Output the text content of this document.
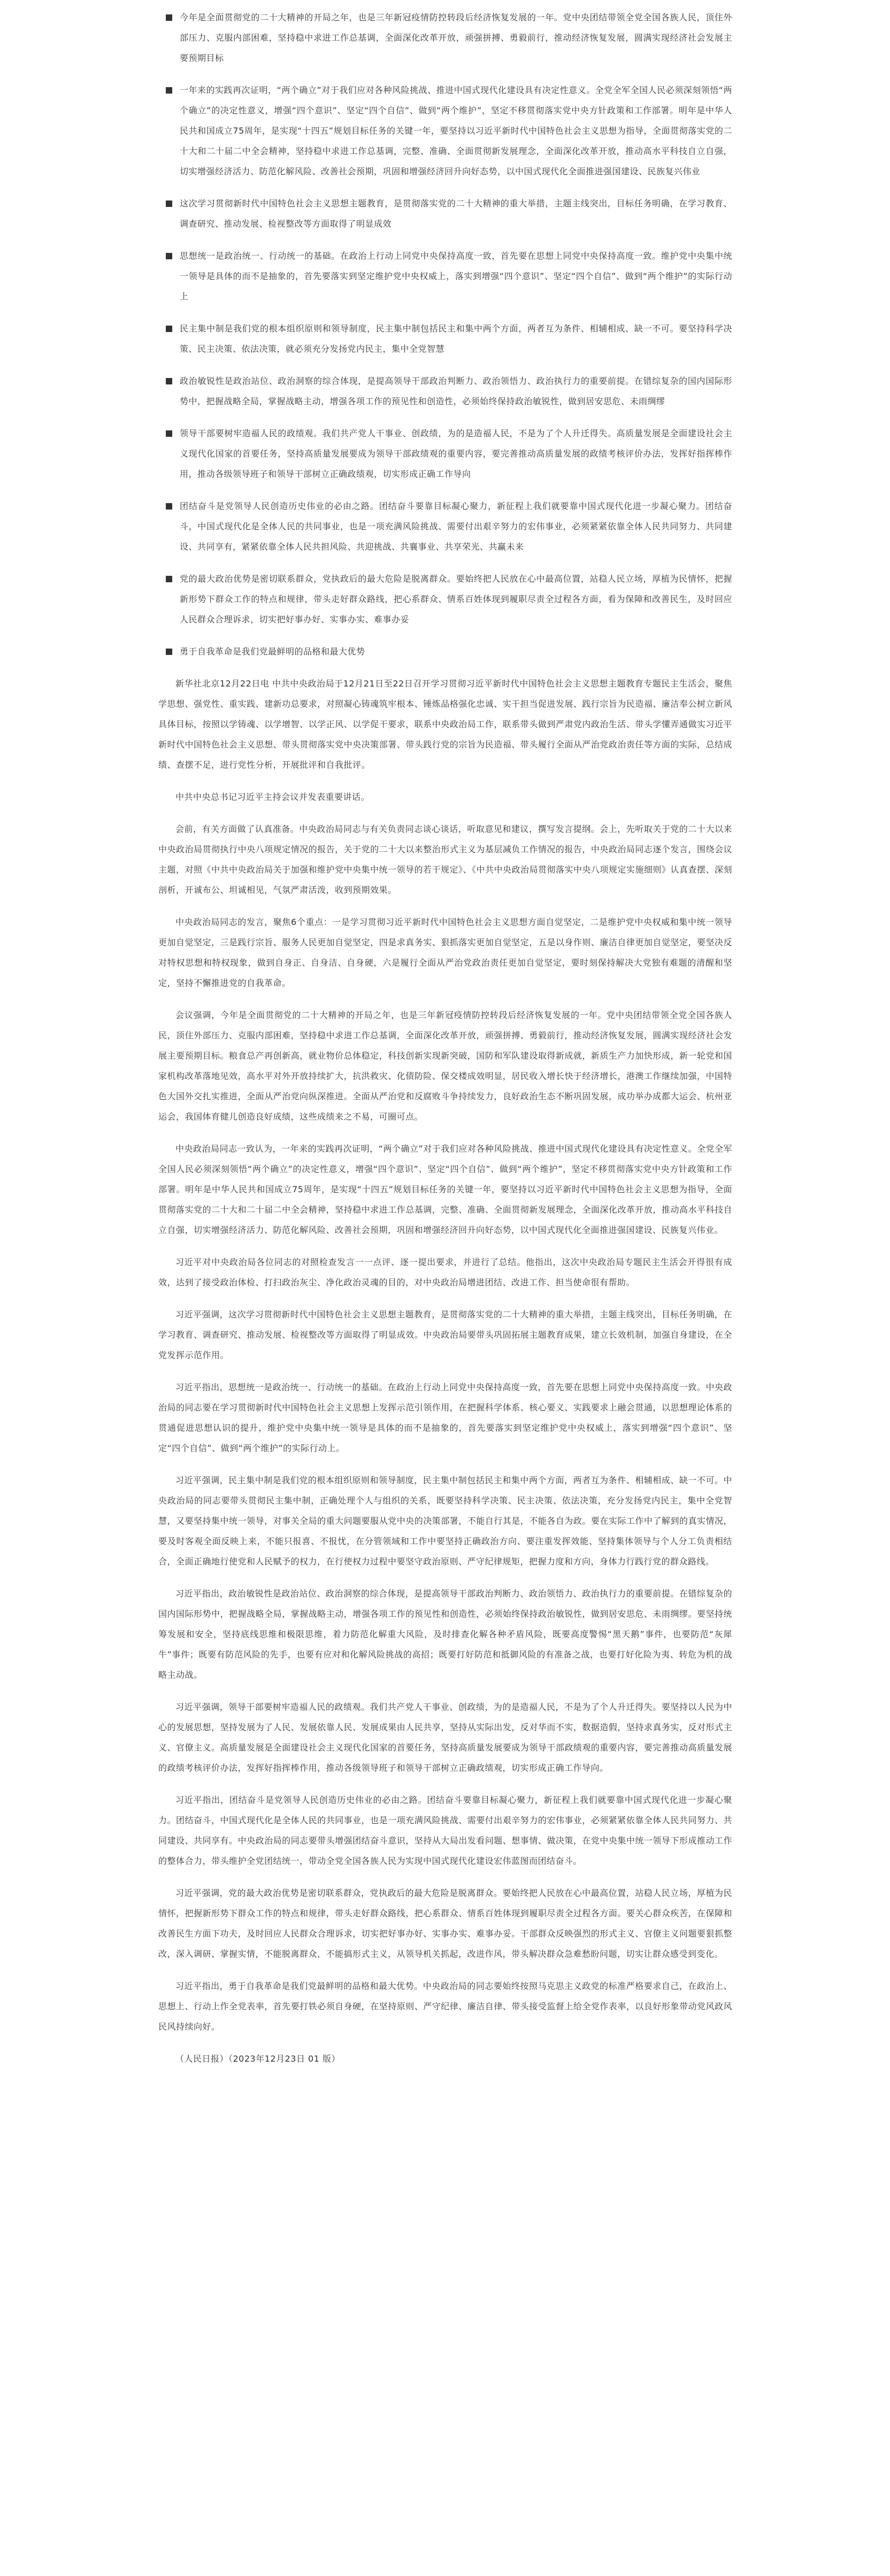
今年是全面贯彻党的二十大精神的开局之年，也是三年新冠疫情防控转段后经济恢复发展的一年。党中央团结带领全党全国各族人民，顶住外部压力、克服内部困难，坚持稳中求进工作总基调，全面深化改革开放，顽强拼搏、勇毅前行，推动经济恢复发展，圆满实现经济社会发展主要预期目标
一年来的实践再次证明，“两个确立”对于我们应对各种风险挑战、推进中国式现代化建设具有决定性意义。全党全军全国人民必须深刻领悟“两个确立”的决定性意义，增强“四个意识”、坚定“四个自信”、做到“两个维护”，坚定不移贯彻落实党中央方针政策和工作部署。明年是中华人民共和国成立75周年，是实现“十四五”规划目标任务的关键一年，要坚持以习近平新时代中国特色社会主义思想为指导，全面贯彻落实党的二十大和二十届二中全会精神，坚持稳中求进工作总基调，完整、准确、全面贯彻新发展理念，全面深化改革开放，推动高水平科技自立自强，切实增强经济活力、防范化解风险、改善社会预期，巩固和增强经济回升向好态势，以中国式现代化全面推进强国建设、民族复兴伟业
这次学习贯彻新时代中国特色社会主义思想主题教育，是贯彻落实党的二十大精神的重大举措，主题主线突出，目标任务明确，在学习教育、调查研究、推动发展、检视整改等方面取得了明显成效
思想统一是政治统一、行动统一的基础。在政治上行动上同党中央保持高度一致，首先要在思想上同党中央保持高度一致。维护党中央集中统一领导是具体的而不是抽象的，首先要落实到坚定维护党中央权威上，落实到增强“四个意识”、坚定“四个自信”、做到“两个维护”的实际行动上
民主集中制是我们党的根本组织原则和领导制度，民主集中制包括民主和集中两个方面，两者互为条件、相辅相成、缺一不可。要坚持科学决策、民主决策、依法决策，就必须充分发扬党内民主，集中全党智慧
政治敏锐性是政治站位、政治洞察的综合体现，是提高领导干部政治判断力、政治领悟力、政治执行力的重要前提。在错综复杂的国内国际形势中，把握战略全局，掌握战略主动，增强各项工作的预见性和创造性，必须始终保持政治敏锐性，做到居安思危、未雨绸缪
领导干部要树牢造福人民的政绩观。我们共产党人干事业、创政绩，为的是造福人民，不是为了个人升迁得失。高质量发展是全面建设社会主义现代化国家的首要任务，坚持高质量发展要成为领导干部政绩观的重要内容，要完善推动高质量发展的政绩考核评价办法，发挥好指挥棒作用，推动各级领导班子和领导干部树立正确政绩观，切实形成正确工作导向
团结奋斗是党领导人民创造历史伟业的必由之路。团结奋斗要靠目标凝心聚力，新征程上我们就要靠中国式现代化进一步凝心聚力。团结奋斗，中国式现代化是全体人民的共同事业，也是一项充满风险挑战、需要付出艰辛努力的宏伟事业，必须紧紧依靠全体人民共同努力、共同建设、共同享有，紧紧依靠全体人民共担风险、共迎挑战、共襄事业、共享荣光、共赢未来
党的最大政治优势是密切联系群众，党执政后的最大危险是脱离群众。要始终把人民放在心中最高位置，站稳人民立场，厚植为民情怀，把握新形势下群众工作的特点和规律，带头走好群众路线，把心系群众、情系百姓体现到履职尽责全过程各方面，看为保障和改善民生，及时回应人民群众合理诉求，切实把好事办好、实事办实、难事办妥
勇于自我革命是我们党最鲜明的品格和最大优势

新华社北京12月22日电 中共中央政治局于12月21日至22日召开学习贯彻习近平新时代中国特色社会主义思想主题教育专题民主生活会，聚焦学思想、强党性、重实践、建新功总要求，对照凝心铸魂筑牢根本、锤炼品格强化忠诚、实干担当促进发展、践行宗旨为民造福、廉洁奉公树立新风具体目标，按照以学铸魂、以学增智、以学正风、以学促干要求，联系中央政治局工作，联系带头做到严肃党内政治生活、带头学懂弄通做实习近平新时代中国特色社会主义思想、带头贯彻落实党中央决策部署、带头践行党的宗旨为民造福、带头履行全面从严治党政治责任等方面的实际，总结成绩、查摆不足，进行党性分析，开展批评和自我批评。

中共中央总书记习近平主持会议并发表重要讲话。

会前，有关方面做了认真准备。中央政治局同志与有关负责同志谈心谈话，听取意见和建议，撰写发言提纲。会上，先听取关于党的二十大以来中央政治局贯彻执行中央八项规定情况的报告，关于党的二十大以来整治形式主义为基层减负工作情况的报告，中央政治局同志逐个发言，围绕会议主题，对照《中共中央政治局关于加强和维护党中央集中统一领导的若干规定》、《中共中央政治局贯彻落实中央八项规定实施细则》认真查摆、深刻剖析，开诚布公、坦诚相见，气氛严肃活泼，收到预期效果。

中央政治局同志的发言，聚焦6个重点：一是学习贯彻习近平新时代中国特色社会主义思想方面自觉坚定，二是维护党中央权威和集中统一领导更加自觉坚定，三是践行宗旨、服务人民更加自觉坚定，四是求真务实、狠抓落实更加自觉坚定，五是以身作则、廉洁自律更加自觉坚定，要坚决反对特权思想和特权现象，做到自身正、自身洁、自身硬，六是履行全面从严治党政治责任更加自觉坚定，要时刻保持解决大党独有难题的清醒和坚定，坚持不懈推进党的自我革命。

会议强调，今年是全面贯彻党的二十大精神的开局之年，也是三年新冠疫情防控转段后经济恢复发展的一年。党中央团结带领全党全国各族人民，顶住外部压力、克服内部困难，坚持稳中求进工作总基调，全面深化改革开放，顽强拼搏、勇毅前行，推动经济恢复发展，圆满实现经济社会发展主要预期目标。粮食总产再创新高，就业物价总体稳定，科技创新实现新突破，国防和军队建设取得新成就，新质生产力加快形成，新一轮党和国家机构改革落地见效，高水平对外开放持续扩大，抗洪救灾、化债防险、保交楼成效明显，居民收入增长快于经济增长，港澳工作继续加强，中国特色大国外交扎实推进，全面从严治党向纵深推进。全面从严治党和反腐败斗争持续发力，良好政治生态不断巩固发展，成功举办成都大运会、杭州亚运会，我国体育健儿创造良好成绩，这些成绩来之不易，可圈可点。

中央政治局同志一致认为，一年来的实践再次证明，“两个确立”对于我们应对各种风险挑战、推进中国式现代化建设具有决定性意义。全党全军全国人民必须深刻领悟“两个确立”的决定性意义，增强“四个意识”、坚定“四个自信”、做到“两个维护”，坚定不移贯彻落实党中央方针政策和工作部署。明年是中华人民共和国成立75周年，是实现“十四五”规划目标任务的关键一年，要坚持以习近平新时代中国特色社会主义思想为指导，全面贯彻落实党的二十大和二十届二中全会精神，坚持稳中求进工作总基调，完整、准确、全面贯彻新发展理念，全面深化改革开放，推动高水平科技自立自强，切实增强经济活力、防范化解风险、改善社会预期，巩固和增强经济回升向好态势，以中国式现代化全面推进强国建设、民族复兴伟业。

习近平对中央政治局各位同志的对照检查发言一一点评、逐一提出要求，并进行了总结。他指出，这次中央政治局专题民主生活会开得很有成效，达到了接受政治体检、打扫政治灰尘、净化政治灵魂的目的，对中央政治局增进团结、改进工作、担当使命很有帮助。

习近平强调，这次学习贯彻新时代中国特色社会主义思想主题教育，是贯彻落实党的二十大精神的重大举措，主题主线突出，目标任务明确，在学习教育、调查研究、推动发展、检视整改等方面取得了明显成效。中央政治局要带头巩固拓展主题教育成果，建立长效机制，加强自身建设，在全党发挥示范作用。

习近平指出，思想统一是政治统一、行动统一的基础。在政治上行动上同党中央保持高度一致，首先要在思想上同党中央保持高度一致。中央政治局的同志要在学习贯彻新时代中国特色社会主义思想上发挥示范引领作用，在把握科学体系、核心要义、实践要求上融会贯通，以思想理论体系的贯通促进思想认识的提升，维护党中央集中统一领导是具体的而不是抽象的，首先要落实到坚定维护党中央权威上，落实到增强“四个意识”、坚定“四个自信”、做到“两个维护”的实际行动上。

习近平强调，民主集中制是我们党的根本组织原则和领导制度，民主集中制包括民主和集中两个方面，两者互为条件、相辅相成、缺一不可。中央政治局的同志要带头贯彻民主集中制，正确处理个人与组织的关系，既要坚持科学决策、民主决策、依法决策，充分发扬党内民主，集中全党智慧，又要坚持集中统一领导，对事关全局的重大问题要服从党中央的决策部署，不能自行其是，不能各自为政。要在实际工作中了解到的真实情况，要及时客观全面反映上来，不能只报喜、不报忧，在分管领域和工作中要坚持正确政治方向、要注重发挥效能、坚持集体领导与个人分工负责相结合，全面正确地行使党和人民赋予的权力，在行使权力过程中要坚守政治原则、严守纪律规矩，把握力度和方向，身体力行践行党的群众路线。

习近平指出，政治敏锐性是政治站位、政治洞察的综合体现，是提高领导干部政治判断力、政治领悟力、政治执行力的重要前提。在错综复杂的国内国际形势中，把握战略全局，掌握战略主动，增强各项工作的预见性和创造性，必须始终保持政治敏锐性，做到居安思危、未雨绸缪。要坚持统筹发展和安全，坚持底线思维和极限思维，着力防范化解重大风险，及时排查化解各种矛盾风险，既要高度警惕“黑天鹅”事件，也要防范“灰犀牛”事件；既要有防范风险的先手，也要有应对和化解风险挑战的高招；既要打好防范和抵御风险的有准备之战，也要打好化险为夷、转危为机的战略主动战。

习近平强调，领导干部要树牢造福人民的政绩观。我们共产党人干事业、创政绩，为的是造福人民，不是为了个人升迁得失。要坚持以人民为中心的发展思想，坚持发展为了人民、发展依靠人民、发展成果由人民共享，坚持从实际出发，反对华而不实，数据造假，坚持求真务实，反对形式主义、官僚主义。高质量发展是全面建设社会主义现代化国家的首要任务，坚持高质量发展要成为领导干部政绩观的重要内容，要完善推动高质量发展的政绩考核评价办法，发挥好指挥棒作用，推动各级领导班子和领导干部树立正确政绩观，切实形成正确工作导向。

习近平指出，团结奋斗是党领导人民创造历史伟业的必由之路。团结奋斗要靠目标凝心聚力，新征程上我们就要靠中国式现代化进一步凝心聚力。团结奋斗，中国式现代化是全体人民的共同事业，也是一项充满风险挑战、需要付出艰辛努力的宏伟事业，必须紧紧依靠全体人民共同努力、共同建设、共同享有。中央政治局的同志要带头增强团结奋斗意识，坚持从大局出发看问题、想事情、做决策，在党中央集中统一领导下形成推动工作的整体合力，带头维护全党团结统一，带动全党全国各族人民为实现中国式现代化建设宏伟蓝图而团结奋斗。

习近平强调，党的最大政治优势是密切联系群众，党执政后的最大危险是脱离群众。要始终把人民放在心中最高位置，站稳人民立场，厚植为民情怀，把握新形势下群众工作的特点和规律，带头走好群众路线，把心系群众、情系百姓体现到履职尽责全过程各方面。要关心群众疾苦，在保障和改善民生方面下功夫，及时回应人民群众合理诉求，切实把好事办好、实事办实、难事办妥。干部群众反映强烈的形式主义、官僚主义问题要狠抓整改，深入调研、掌握实情，不能脱离群众，不能搞形式主义，从领导机关抓起，改进作风，带头解决群众急难愁盼问题，切实让群众感受到变化。

习近平指出，勇于自我革命是我们党最鲜明的品格和最大优势。中央政治局的同志要始终按照马克思主义政党的标准严格要求自己，在政治上、思想上、行动上作全党表率，首先要打铁必须自身硬，在坚持原则、严守纪律、廉洁自律、带头接受监督上给全党作表率，以良好形象带动党风政风民风持续向好。

（人民日报）（2023年12月23日 01 版）
